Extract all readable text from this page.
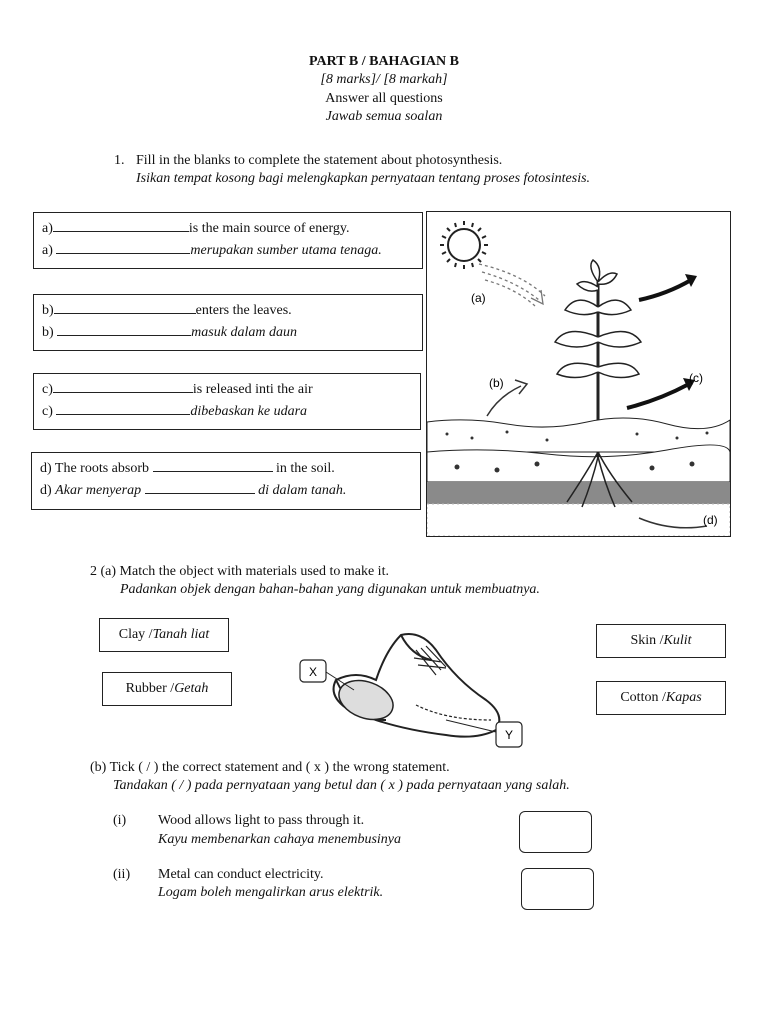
PART B / BAHAGIAN B
[8 marks]/ [8 markah]
Answer all questions
Jawab semua soalan
1. Fill in the blanks to complete the statement about photosynthesis.
Isikan tempat kosong bagi melengkapkan pernyataan tentang proses fotosintesis.
a)	is the main source of energy.
a)	merupakan sumber utama tenaga.
b)	enters the leaves.
b)	masuk dalam daun
c)	is released inti the air
c)	dibebaskan ke udara
d) The roots absorb	in the soil.
d) Akar menyerap	di dalam tanah.
(a)
(c)
(b)
(d)
2 (a) Match the object with materials used to make it.
Padankan objek dengan bahan-bahan yang digunakan untuk membuatnya.
Clay / Tanah liat
Rubber / Getah
Skin / Kulit
Cotton / Kapas
X
Y
(b) Tick ( / ) the correct statement and ( x ) the wrong statement.
Tandakan ( / ) pada pernyataan yang betul dan ( x ) pada pernyataan yang salah.
(i) Wood allows light to pass through it.
Kayu membenarkan cahaya menembusinya
(ii) Metal can conduct electricity.
Logam boleh mengalirkan arus elektrik.
